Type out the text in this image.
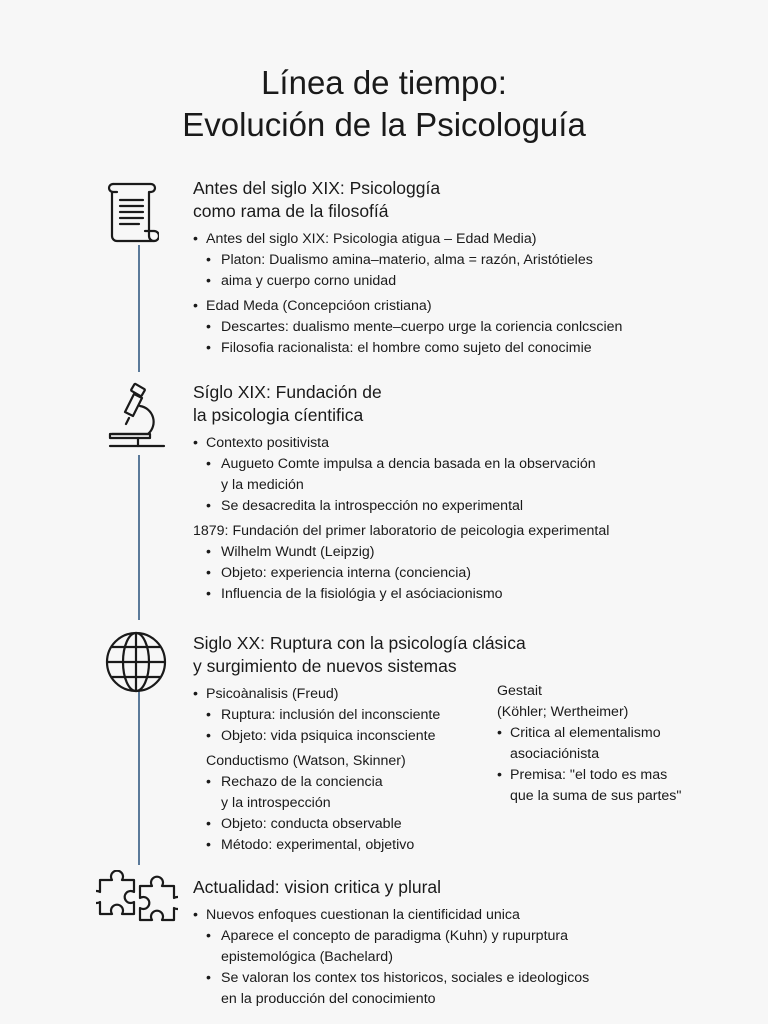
Línea de tiempo:
Evolución de la Psicologuía
Antes del siglo XIX: Psicologgía
como rama de la filosofíá
• Antes del siglo XIX: Psicologia atigua – Edad Media)
• Platon: Dualismo amina–materio, alma = razón, Aristótieles
• aima y cuerpo corno unidad
• Edad Meda (Concepcióon cristiana)
• Descartes: dualismo mente–cuerpo urge la coriencia conlcscien
• Filosofia racionalista: el hombre como sujeto del conocimie
Síglo XIX: Fundación de
la psicologia cíentifica
• Contexto positivista
• Augueto Comte impulsa a dencia basada en la observación
y la medición
• Se desacredita la introspección no experimental
1879: Fundación del primer laboratorio de peicologia experimental
• Wilhelm Wundt (Leipzig)
• Objeto: experiencia interna (conciencia)
• Influencia de la fisiológia y el asóciacionismo
Siglo XX: Ruptura con la psicología clásica
y surgimiento de nuevos sistemas
• Psicoànalisis (Freud)
• Ruptura: inclusión del inconsciente
• Objeto: vida psiquica inconsciente
Conductismo (Watson, Skinner)
• Rechazo de la conciencia
y la introspección
• Objeto: conducta observable
• Método: experimental, objetivo
Gestait
(Köhler; Wertheimer)
• Critica al elementalismo
asociaciónista
• Premisa: "el todo es mas
que la suma de sus partes"
Actualidad: vision critica y plural
• Nuevos enfoques cuestionan la cientificidad unica
• Aparece el concepto de paradigma (Kuhn) y rupurptura
epistemológica (Bachelard)
• Se valoran los contex tos historicos, sociales e ideologicos
en la producción del conocimiento
